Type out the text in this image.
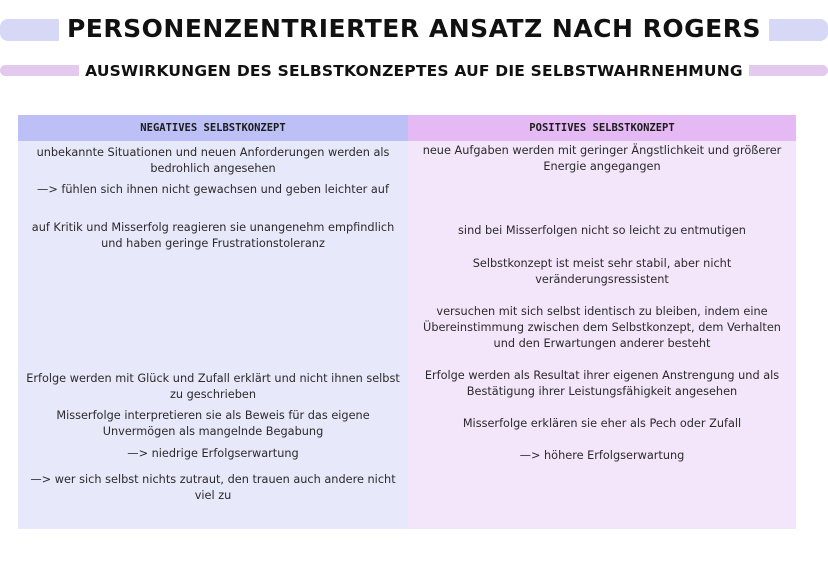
PERSONENZENTRIERTER ANSATZ NACH ROGERS
AUSWIRKUNGEN DES SELBSTKONZEPTES AUF DIE SELBSTWAHRNEHMUNG
NEGATIVES SELBSTKONZEPT
unbekannte Situationen und neuen Anforderungen werden als bedrohlich angesehen
—> fühlen sich ihnen nicht gewachsen und geben leichter auf
auf Kritik und Misserfolg reagieren sie unangenehm empfindlich und haben geringe Frustrationstoleranz
Erfolge werden mit Glück und Zufall erklärt und nicht ihnen selbst zu geschrieben
Misserfolge interpretieren sie als Beweis für das eigene Unvermögen als mangelnde Begabung
—> niedrige Erfolgserwartung
—> wer sich selbst nichts zutraut, den trauen auch andere nicht viel zu
POSITIVES SELBSTKONZEPT
neue Aufgaben werden mit geringer Ängstlichkeit und größerer Energie angegangen
sind bei Misserfolgen nicht so leicht zu entmutigen
Selbstkonzept ist meist sehr stabil, aber nicht veränderungsressistent
versuchen mit sich selbst identisch zu bleiben, indem eine Übereinstimmung zwischen dem Selbstkonzept, dem Verhalten und den Erwartungen anderer besteht
Erfolge werden als Resultat ihrer eigenen Anstrengung und als Bestätigung ihrer Leistungsfähigkeit angesehen
Misserfolge erklären sie eher als Pech oder Zufall
—> höhere Erfolgserwartung
